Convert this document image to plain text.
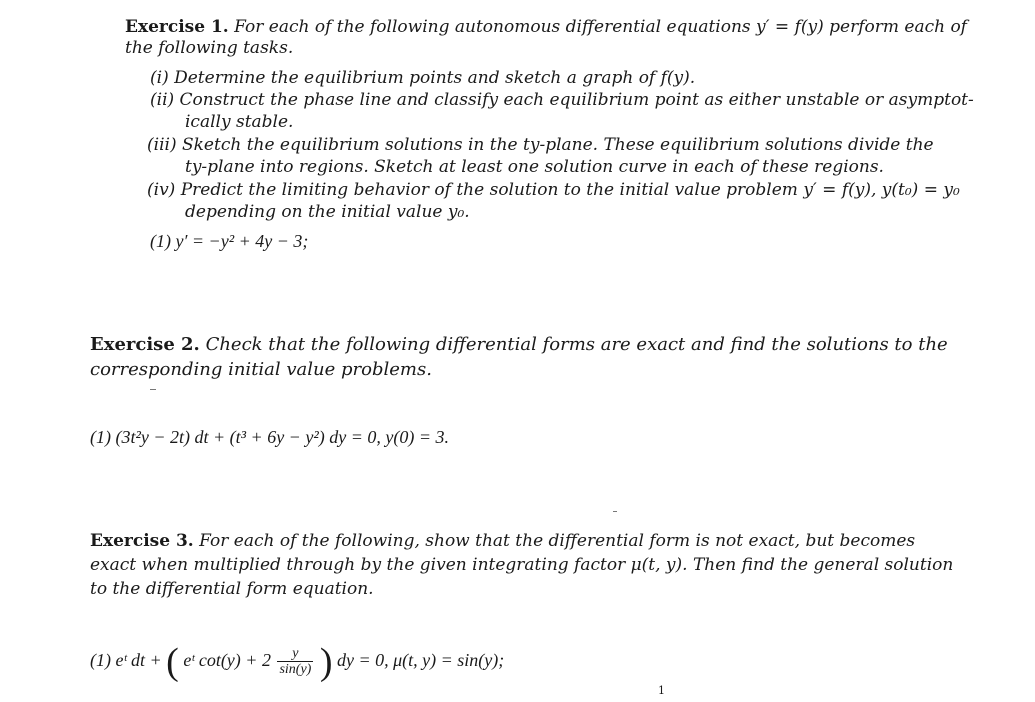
Exercise 1. For each of the following autonomous differential equations y′ = f(y) perform each of
the following tasks.
(i) Determine the equilibrium points and sketch a graph of f(y).
(ii) Construct the phase line and classify each equilibrium point as either unstable or asymptot-
ically stable.
(iii) Sketch the equilibrium solutions in the ty-plane. These equilibrium solutions divide the
ty-plane into regions. Sketch at least one solution curve in each of these regions.
(iv) Predict the limiting behavior of the solution to the initial value problem y′ = f(y), y(t₀) = y₀
depending on the initial value y₀.
(1) y′ = −y² + 4y − 3;
Exercise 2. Check that the following differential forms are exact and find the solutions to the
corresponding initial value problems.
(1) (3t²y − 2t) dt + (t³ + 6y − y²) dy = 0, y(0) = 3.
Exercise 3. For each of the following, show that the differential form is not exact, but becomes
exact when multiplied through by the given integrating factor μ(t, y). Then find the general solution
to the differential form equation.
(1) eᵗ dt + ( eᵗ $\cot(y) + 2 \frac{y}{\sin(y)}$ ) dy = 0, μ(t, y) = sin(y);
1
